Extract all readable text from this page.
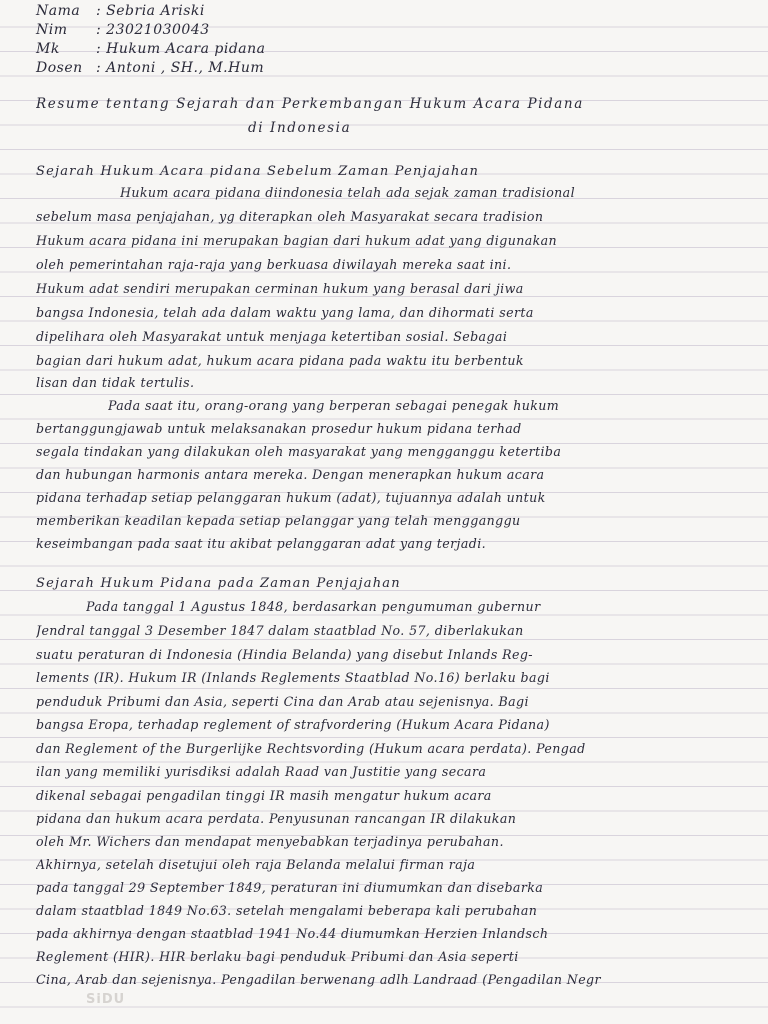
Nama	: Sebria Ariski
Nim	: 23021030043
Mk	: Hukum Acara pidana
Dosen : Antoni , SH., M.Hum
Resume tentang Sejarah dan Perkembangan Hukum Acara Pidana
di Indonesia
Sejarah Hukum Acara pidana Sebelum Zaman Penjajahan
Hukum acara pidana diindonesia telah ada sejak zaman tradisional
sebelum masa penjajahan, yg diterapkan oleh Masyarakat secara tradision
Hukum acara pidana ini merupakan bagian dari hukum adat yang digunakan
oleh pemerintahan raja-raja yang berkuasa diwilayah mereka saat ini.
Hukum adat sendiri merupakan cerminan hukum yang berasal dari jiwa
bangsa Indonesia, telah ada dalam waktu yang lama, dan dihormati serta
dipelihara oleh Masyarakat untuk menjaga ketertiban sosial. Sebagai
bagian dari hukum adat, hukum acara pidana pada waktu itu berbentuk
lisan dan tidak tertulis.
Pada saat itu, orang-orang yang berperan sebagai penegak hukum
bertanggungjawab untuk melaksanakan prosedur hukum pidana terhad
segala tindakan yang dilakukan oleh masyarakat yang mengganggu ketertiba
dan hubungan harmonis antara mereka. Dengan menerapkan hukum acara
pidana terhadap setiap pelanggaran hukum (adat), tujuannya adalah untuk
memberikan keadilan kepada setiap pelanggar yang telah mengganggu
keseimbangan pada saat itu akibat pelanggaran adat yang terjadi.
Sejarah Hukum Pidana pada Zaman Penjajahan
Pada tanggal 1 Agustus 1848, berdasarkan pengumuman gubernur
Jendral tanggal 3 Desember 1847 dalam staatblad No. 57, diberlakukan
suatu peraturan di Indonesia (Hindia Belanda) yang disebut Inlands Reg-
lements (IR). Hukum IR (Inlands Reglements Staatblad No.16) berlaku bagi
penduduk Pribumi dan Asia, seperti Cina dan Arab atau sejenisnya. Bagi
bangsa Eropa, terhadap reglement of strafvordering (Hukum Acara Pidana)
dan Reglement of the Burgerlijke Rechtsvording (Hukum acara perdata). Pengad
ilan yang memiliki yurisdiksi adalah Raad van Justitie yang secara
dikenal sebagai pengadilan tinggi IR masih mengatur hukum acara
pidana dan hukum acara perdata. Penyusunan rancangan IR dilakukan
oleh Mr. Wichers dan mendapat menyebabkan terjadinya perubahan.
Akhirnya, setelah disetujui oleh raja Belanda melalui firman raja
pada tanggal 29 September 1849, peraturan ini diumumkan dan disebarka
dalam staatblad 1849 No.63. setelah mengalami beberapa kali perubahan
pada akhirnya dengan staatblad 1941 No.44 diumumkan Herzien Inlandsch
Reglement (HIR). HIR berlaku bagi penduduk Pribumi dan Asia seperti
Cina, Arab dan sejenisnya. Pengadilan berwenang adlh Landraad (Pengadilan Negr
SiDU
